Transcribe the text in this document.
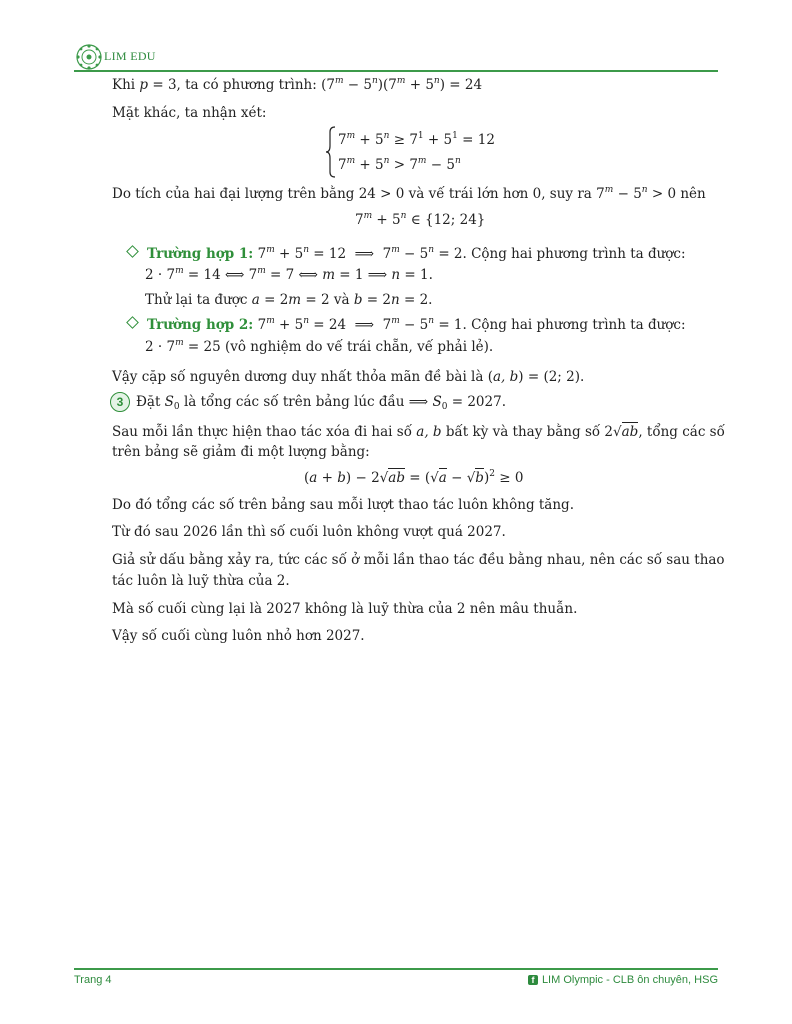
LIM EDU
Khi p = 3, ta có phương trình: $(7^m - 5^n)(7^m + 5^n) = 24$
Mặt khác, ta nhận xét:
$7^m + 5^n \ge 7^1 + 5^1 = 12$
$7^m + 5^n > 7^m - 5^n$
Do tích của hai đại lượng trên bằng 24 > 0 và vế trái lớn hơn 0, suy ra $7^m - 5^n > 0$ nên
$7^m + 5^n$ ∈ {12; 24}
Trường hợp 1: $7^m + 5^n = 12$  ⟹  $7^m - 5^n = 2$. Cộng hai phương trình ta được:
$2 \cdot 7^m = 14$ ⟺ $7^m = 7$ ⟺ m = 1 ⟹ n = 1.
Thử lại ta được a = 2m = 2 và b = 2n = 2.
Trường hợp 2: $7^m + 5^n = 24$  ⟹  $7^m - 5^n = 1$. Cộng hai phương trình ta được:
$2 \cdot 7^m = 25$ (vô nghiệm do vế trái chẵn, vế phải lẻ).
Vậy cặp số nguyên dương duy nhất thỏa mãn đề bài là (a, b) = (2; 2).
3 Đặt $S_0$ là tổng các số trên bảng lúc đầu ⟹ $S_0 = 2027$.
Sau mỗi lần thực hiện thao tác xóa đi hai số a, b bất kỳ và thay bằng số 2√ab, tổng các số
trên bảng sẽ giảm đi một lượng bằng:
$(a + b) - 2√ab = (√a - √b)^2 \ge 0$
Do đó tổng các số trên bảng sau mỗi lượt thao tác luôn không tăng.
Từ đó sau 2026 lần thì số cuối luôn không vượt quá 2027.
Giả sử dấu bằng xảy ra, tức các số ở mỗi lần thao tác đều bằng nhau, nên các số sau thao
tác luôn là luỹ thừa của 2.
Mà số cuối cùng lại là 2027 không là luỹ thừa của 2 nên mâu thuẫn.
Vậy số cuối cùng luôn nhỏ hơn 2027.
Trang 4	f LIM Olympic - CLB ôn chuyên, HSG
